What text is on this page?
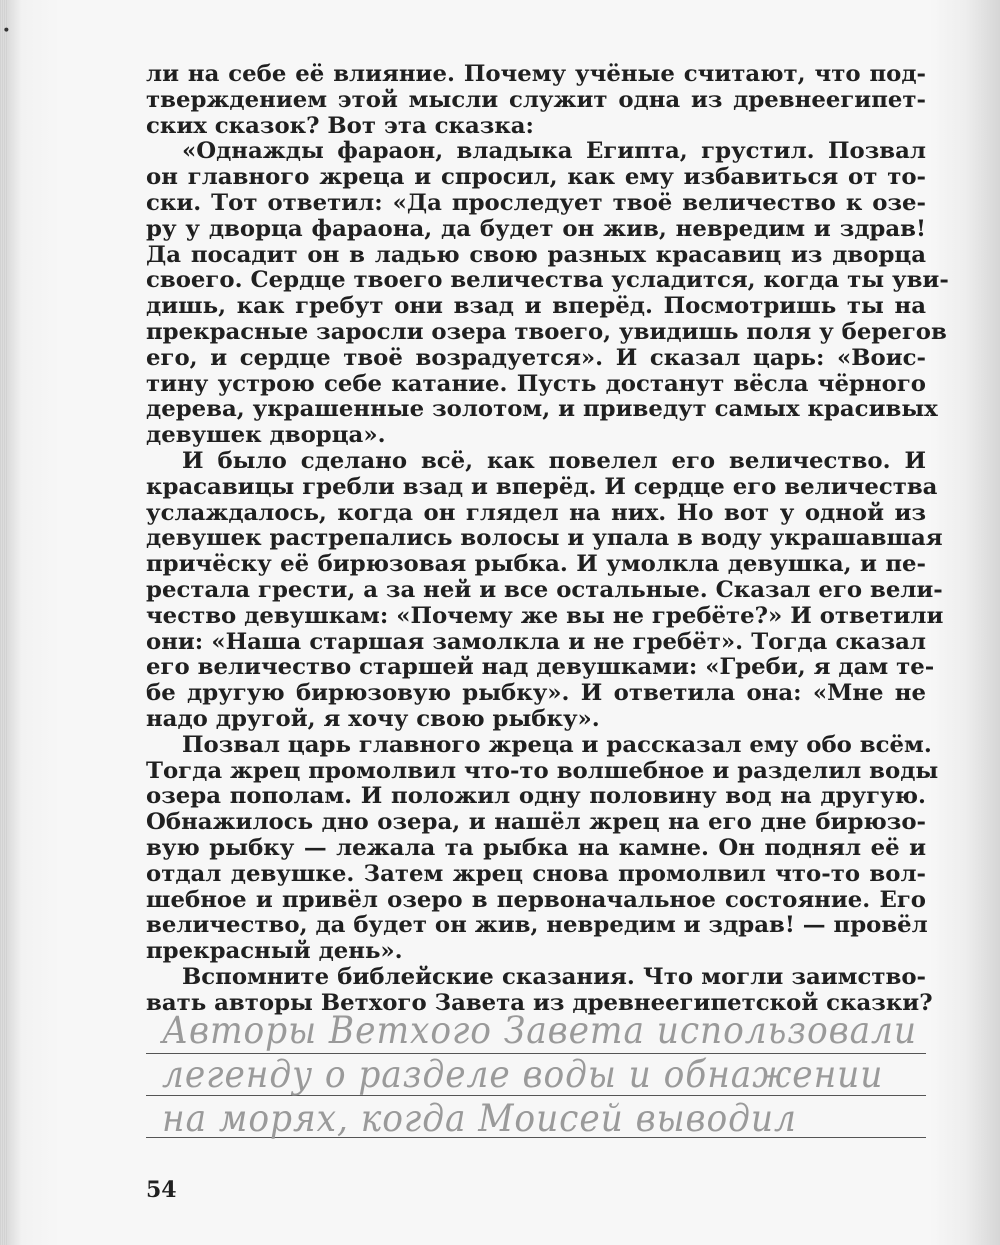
∙
ли на себе её влияние. Почему учёные считают, что под-
тверждением этой мысли служит одна из древнеегипет-
ских сказок? Вот эта сказка:
«Однажды фараон, владыка Египта, грустил. Позвал
он главного жреца и спросил, как ему избавиться от то-
ски. Тот ответил: «Да проследует твоё величество к озе-
ру у дворца фараона, да будет он жив, невредим и здрав!
Да посадит он в ладью свою разных красавиц из дворца
своего. Сердце твоего величества усладится, когда ты уви-
дишь, как гребут они взад и вперёд. Посмотришь ты на
прекрасные заросли озера твоего, увидишь поля у берегов
его, и сердце твоё возрадуется». И сказал царь: «Воис-
тину устрою себе катание. Пусть достанут вёсла чёрного
дерева, украшенные золотом, и приведут самых красивых
девушек дворца».
И было сделано всё, как повелел его величество. И
красавицы гребли взад и вперёд. И сердце его величества
услаждалось, когда он глядел на них. Но вот у одной из
девушек растрепались волосы и упала в воду украшавшая
причёску её бирюзовая рыбка. И умолкла девушка, и пе-
рестала грести, а за ней и все остальные. Сказал его вели-
чество девушкам: «Почему же вы не гребёте?» И ответили
они: «Наша старшая замолкла и не гребёт». Тогда сказал
его величество старшей над девушками: «Греби, я дам те-
бе другую бирюзовую рыбку». И ответила она: «Мне не
надо другой, я хочу свою рыбку».
Позвал царь главного жреца и рассказал ему обо всём.
Тогда жрец промолвил что-то волшебное и разделил воды
озера пополам. И положил одну половину вод на другую.
Обнажилось дно озера, и нашёл жрец на его дне бирюзо-
вую рыбку — лежала та рыбка на камне. Он поднял её и
отдал девушке. Затем жрец снова промолвил что-то вол-
шебное и привёл озеро в первоначальное состояние. Его
величество, да будет он жив, невредим и здрав! — провёл
прекрасный день».
Вспомните библейские сказания. Что могли заимство-
вать авторы Ветхого Завета из древнеегипетской сказки?
Авторы Ветхого Завета использовали
легенду о разделе воды и обнажении
на морях, когда Моисей выводил
54
